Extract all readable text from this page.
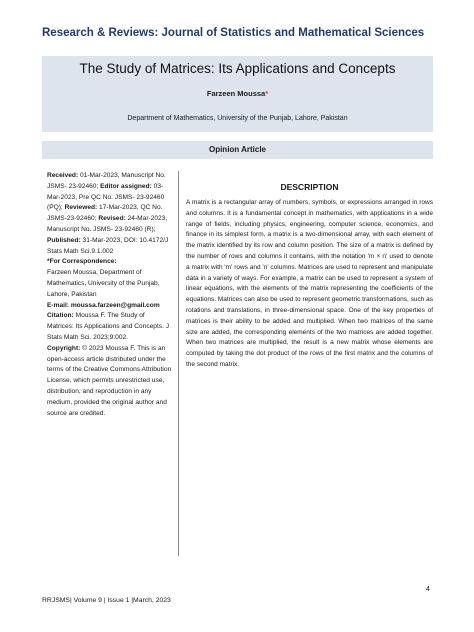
Research & Reviews: Journal of Statistics and Mathematical Sciences
The Study of Matrices: Its Applications and Concepts
Farzeen Moussa*
Department of Mathematics, University of the Punjab, Lahore, Pakistan
Opinion Article

Received: 01-Mar-2023, Manuscript No. JSMS- 23-92460; Editor assigned: 03-Mar-2023, Pre QC No. JSMS- 23-92460 (PQ); Reviewed: 17-Mar-2023, QC No. JSMS-23-92460; Revised: 24-Mar-2023, Manuscript No. JSMS- 23-92460 (R); Published: 31-Mar-2023, DOI: 10.4172/J Stats Math Sci.9.1.002

*For Correspondence:

Farzeen Moussa, Department of Mathematics, University of the Punjab, Lahore, Pakistan

E-mail: moussa.farzeen@gmail.com

Citation: Moussa F. The Study of Matrices: Its Applications and Concepts. J Stats Math Sci. 2023;9:002.

Copyright: © 2023 Moussa F. This is an open-access article distributed under the terms of the Creative Commons Attribution License, which permits unrestricted use, distribution, and reproduction in any medium, provided the original author and source are credited.

DESCRIPTION
A matrix is a rectangular array of numbers, symbols, or expressions arranged in rows and columns. It is a fundamental concept in mathematics, with applications in a wide range of fields, including physics, engineering, computer science, economics, and finance in its simplest form, a matrix is a two-dimensional array, with each element of the matrix identified by its row and column position. The size of a matrix is defined by the number of rows and columns it contains, with the notation 'm × n' used to denote a matrix with 'm' rows and 'n' columns. Matrices are used to represent and manipulate data in a variety of ways. For example, a matrix can be used to represent a system of linear equations, with the elements of the matrix representing the coefficients of the equations. Matrices can also be used to represent geometric transformations, such as rotations and translations, in three-dimensional space. One of the key properties of matrices is their ability to be added and multiplied. When two matrices of the same size are added, the corresponding elements of the two matrices are added together. When two matrices are multiplied, the result is a new matrix whose elements are computed by taking the dot product of the rows of the first matrix and the columns of the second matrix.
4
RRJSMS| Volume 9 | Issue 1 |March, 2023
